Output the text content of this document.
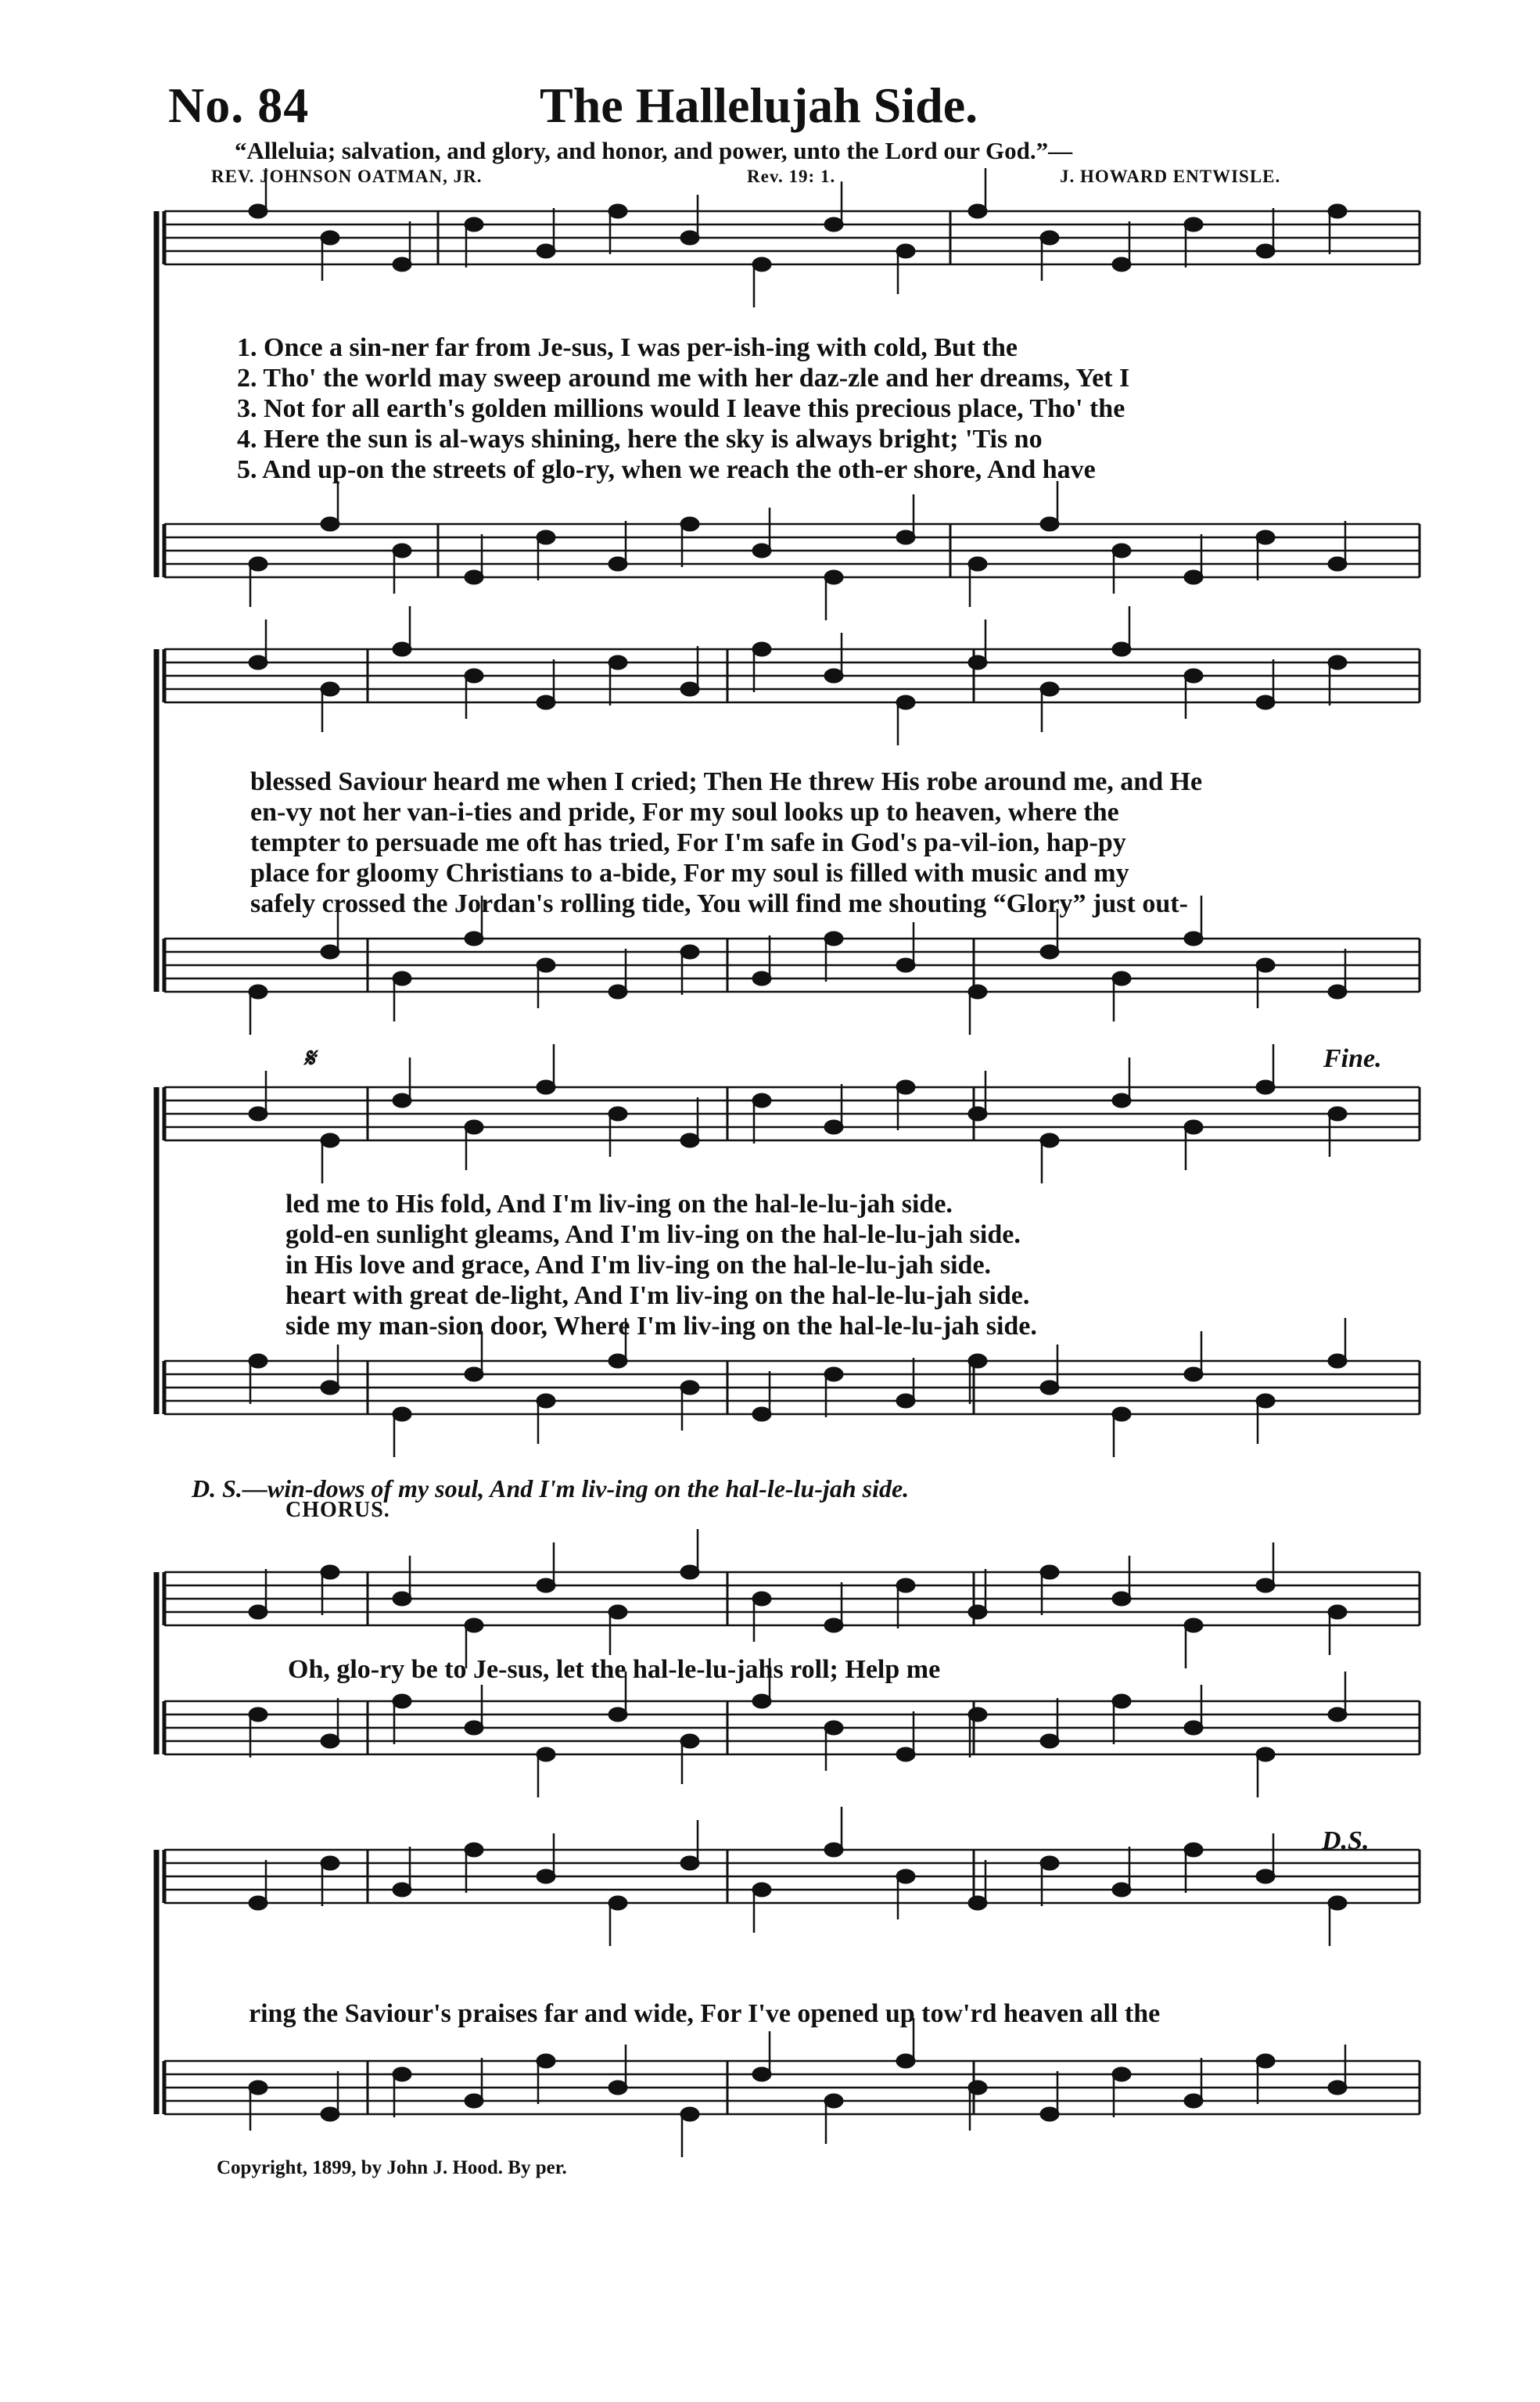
No. 84	The Hallelujah Side.
“Alleluia; salvation, and glory, and honor, and power, unto the Lord our God.”—
REV. JOHNSON OATMAN, JR.	Rev. 19: 1.	J. HOWARD ENTWISLE.
1. Once a sin-ner far from Je-sus, I was per-ish-ing with cold, But the
2. Tho' the world may sweep around me with her daz-zle and her dreams, Yet I
3. Not for all earth's golden millions would I leave this precious place, Tho' the
4. Here the sun is al-ways shining, here the sky is always bright; 'Tis no
5. And up-on the streets of glo-ry, when we reach the oth-er shore, And have
blessed Saviour heard me when I cried; Then He threw His robe around me, and He
en-vy not her van-i-ties and pride, For my soul looks up to heaven, where the
tempter to persuade me oft has tried, For I'm safe in God's pa-vil-ion, hap-py
place for gloomy Christians to a-bide, For my soul is filled with music and my
safely crossed the Jordan's rolling tide, You will find me shouting “Glory” just out-
𝄋	Fine.
led me to His fold, And I'm liv-ing on the hal-le-lu-jah side.
gold-en sunlight gleams, And I'm liv-ing on the hal-le-lu-jah side.
in His love and grace, And I'm liv-ing on the hal-le-lu-jah side.
heart with great de-light, And I'm liv-ing on the hal-le-lu-jah side.
side my man-sion door, Where I'm liv-ing on the hal-le-lu-jah side.
D. S.—win-dows of my soul, And I'm liv-ing on the hal-le-lu-jah side.
CHORUS.
Oh, glo-ry be to Je-sus, let the hal-le-lu-jahs roll; Help me
D.S.
ring the Saviour's praises far and wide, For I've opened up tow'rd heaven all the
Copyright, 1899, by John J. Hood. By per.
